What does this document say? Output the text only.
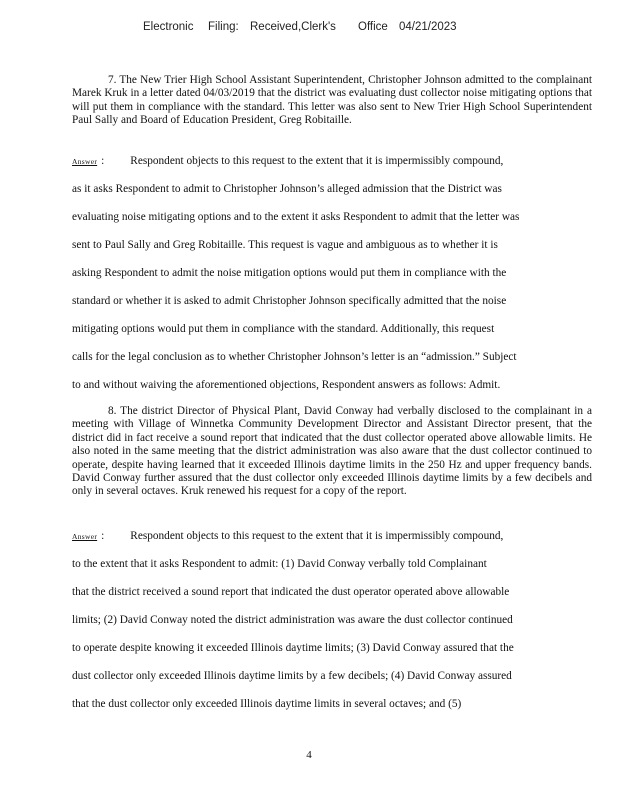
Electronic Filing: Received,Clerk's Office 04/21/2023

7. The New Trier High School Assistant Superintendent, Christopher Johnson admitted to the complainant Marek Kruk in a letter dated 04/03/2019 that the district was evaluating dust collector noise mitigating options that will put them in compliance with the standard. This letter was also sent to New Trier High School Superintendent Paul Sally and Board of Education President, Greg Robitaille.

Answer : Respondent objects to this request to the extent that it is impermissibly compound,
as it asks Respondent to admit to Christopher Johnson’s alleged admission that the District was
evaluating noise mitigating options and to the extent it asks Respondent to admit that the letter was
sent to Paul Sally and Greg Robitaille. This request is vague and ambiguous as to whether it is
asking Respondent to admit the noise mitigation options would put them in compliance with the
standard or whether it is asked to admit Christopher Johnson specifically admitted that the noise
mitigating options would put them in compliance with the standard. Additionally, this request
calls for the legal conclusion as to whether Christopher Johnson’s letter is an “admission.” Subject
to and without waiving the aforementioned objections, Respondent answers as follows: Admit.

8. The district Director of Physical Plant, David Conway had verbally disclosed to the complainant in a meeting with Village of Winnetka Community Development Director and Assistant Director present, that the district did in fact receive a sound report that indicated that the dust collector operated above allowable limits. He also noted in the same meeting that the district administration was also aware that the dust collector continued to operate, despite having learned that it exceeded Illinois daytime limits in the 250 Hz and upper frequency bands. David Conway further assured that the dust collector only exceeded Illinois daytime limits by a few decibels and only in several octaves. Kruk renewed his request for a copy of the report.

Answer : Respondent objects to this request to the extent that it is impermissibly compound,
to the extent that it asks Respondent to admit: (1) David Conway verbally told Complainant
that the district received a sound report that indicated the dust operator operated above allowable
limits; (2) David Conway noted the district administration was aware the dust collector continued
to operate despite knowing it exceeded Illinois daytime limits; (3) David Conway assured that the
dust collector only exceeded Illinois daytime limits by a few decibels; (4) David Conway assured
that the dust collector only exceeded Illinois daytime limits in several octaves; and (5)
4
